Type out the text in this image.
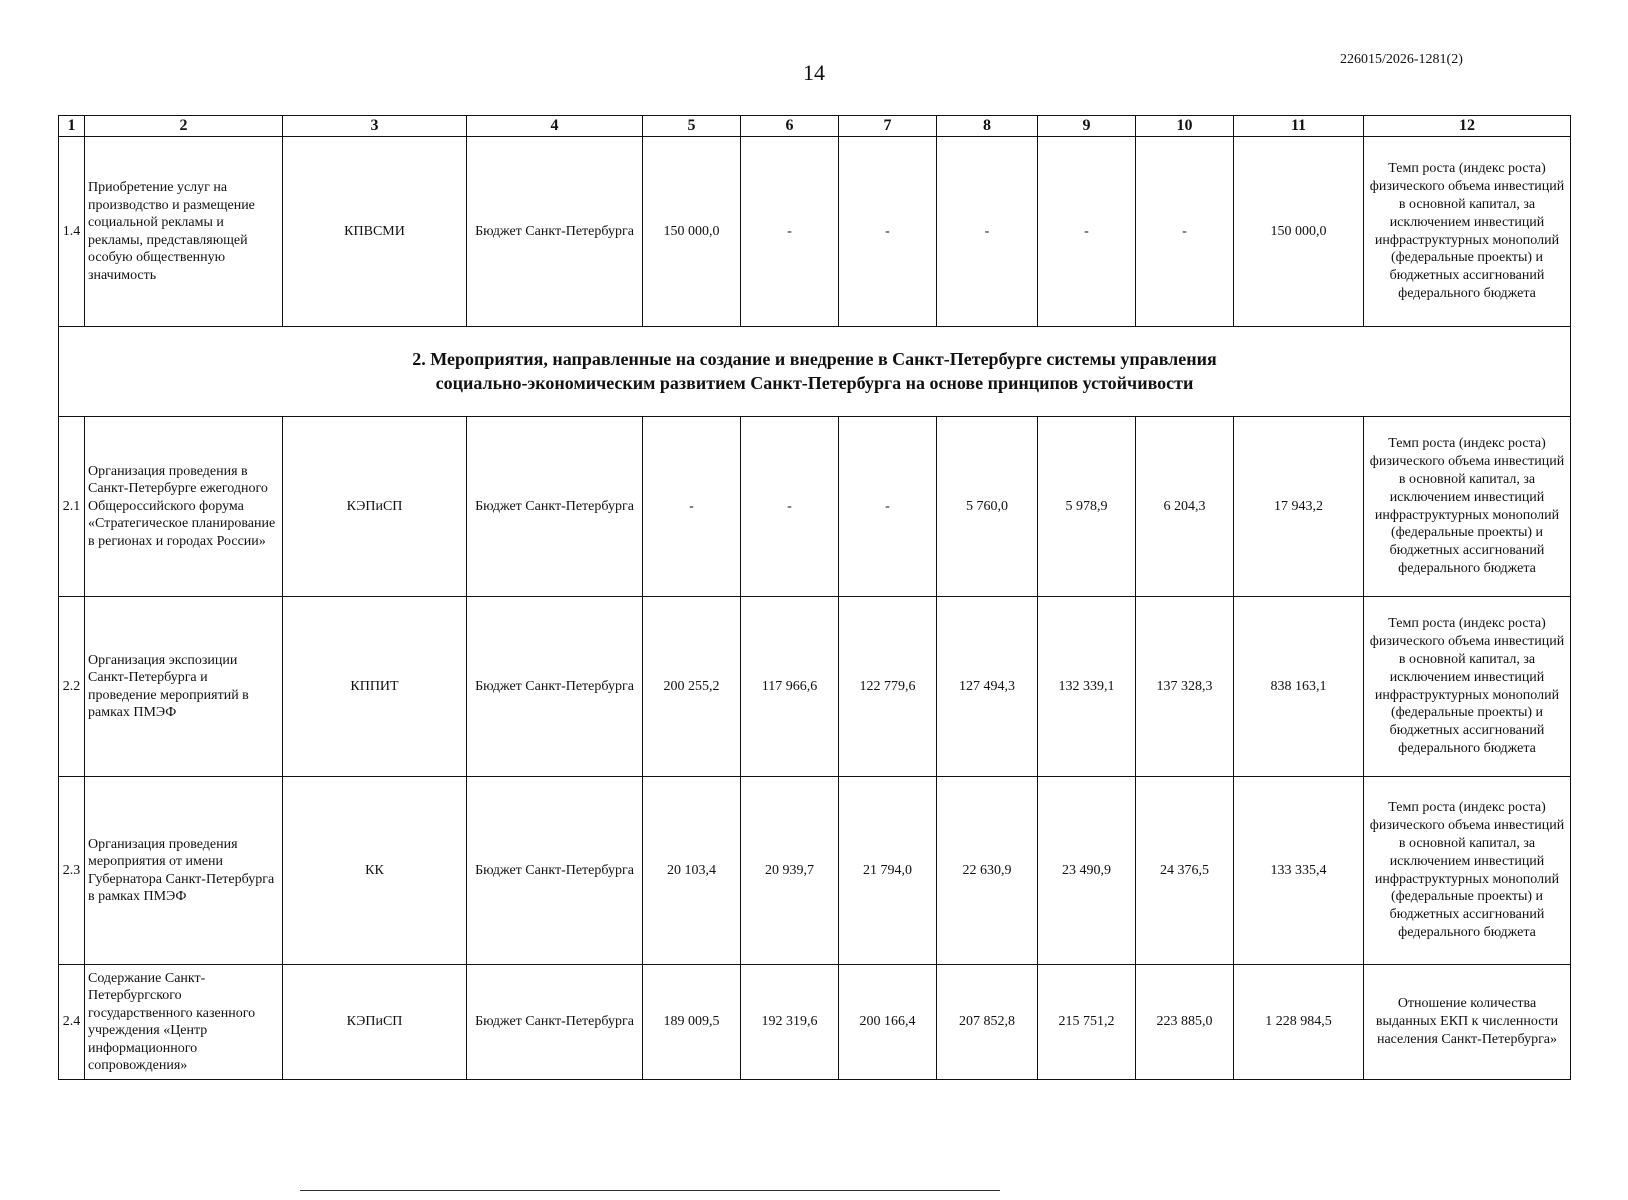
14
226015/2026-1281(2)
1	2	3	4	5	6	7	8	9	10	11	12
1.4	Приобретение услуг на производство и размещение социальной рекламы и рекламы, представляющей особую общественную значимость	КПВСМИ	Бюджет Санкт-Петербурга	150 000,0	-	-	-	-	-	150 000,0	Темп роста (индекс роста) физического объема инвестиций в основной капитал, за исключением инвестиций инфраструктурных монополий (федеральные проекты) и бюджетных ассигнований федерального бюджета

2. Мероприятия, направленные на создание и внедрение в Санкт-Петербурге системы управления
социально-экономическим развитием Санкт-Петербурга на основе принципов устойчивости											

2.1	Организация проведения в Санкт-Петербурге ежегодного Общероссийского форума «Стратегическое планирование в регионах и городах России»	КЭПиСП	Бюджет Санкт-Петербурга	-	-	-	5 760,0	5 978,9	6 204,3	17 943,2	Темп роста (индекс роста) физического объема инвестиций в основной капитал, за исключением инвестиций инфраструктурных монополий (федеральные проекты) и бюджетных ассигнований федерального бюджета
2.2	Организация экспозиции Санкт-Петербурга и проведение мероприятий в рамках ПМЭФ	КППИТ	Бюджет Санкт-Петербурга	200 255,2	117 966,6	122 779,6	127 494,3	132 339,1	137 328,3	838 163,1	Темп роста (индекс роста) физического объема инвестиций в основной капитал, за исключением инвестиций инфраструктурных монополий (федеральные проекты) и бюджетных ассигнований федерального бюджета
2.3	Организация проведения мероприятия от имени Губернатора Санкт-Петербурга в рамках ПМЭФ	КК	Бюджет Санкт-Петербурга	20 103,4	20 939,7	21 794,0	22 630,9	23 490,9	24 376,5	133 335,4	Темп роста (индекс роста) физического объема инвестиций в основной капитал, за исключением инвестиций инфраструктурных монополий (федеральные проекты) и бюджетных ассигнований федерального бюджета
2.4	Содержание Санкт-Петербургского государственного казенного учреждения «Центр информационного сопровождения»	КЭПиСП	Бюджет Санкт-Петербурга	189 009,5	192 319,6	200 166,4	207 852,8	215 751,2	223 885,0	1 228 984,5	Отношение количества выданных ЕКП к численности населения Санкт-Петербурга»
